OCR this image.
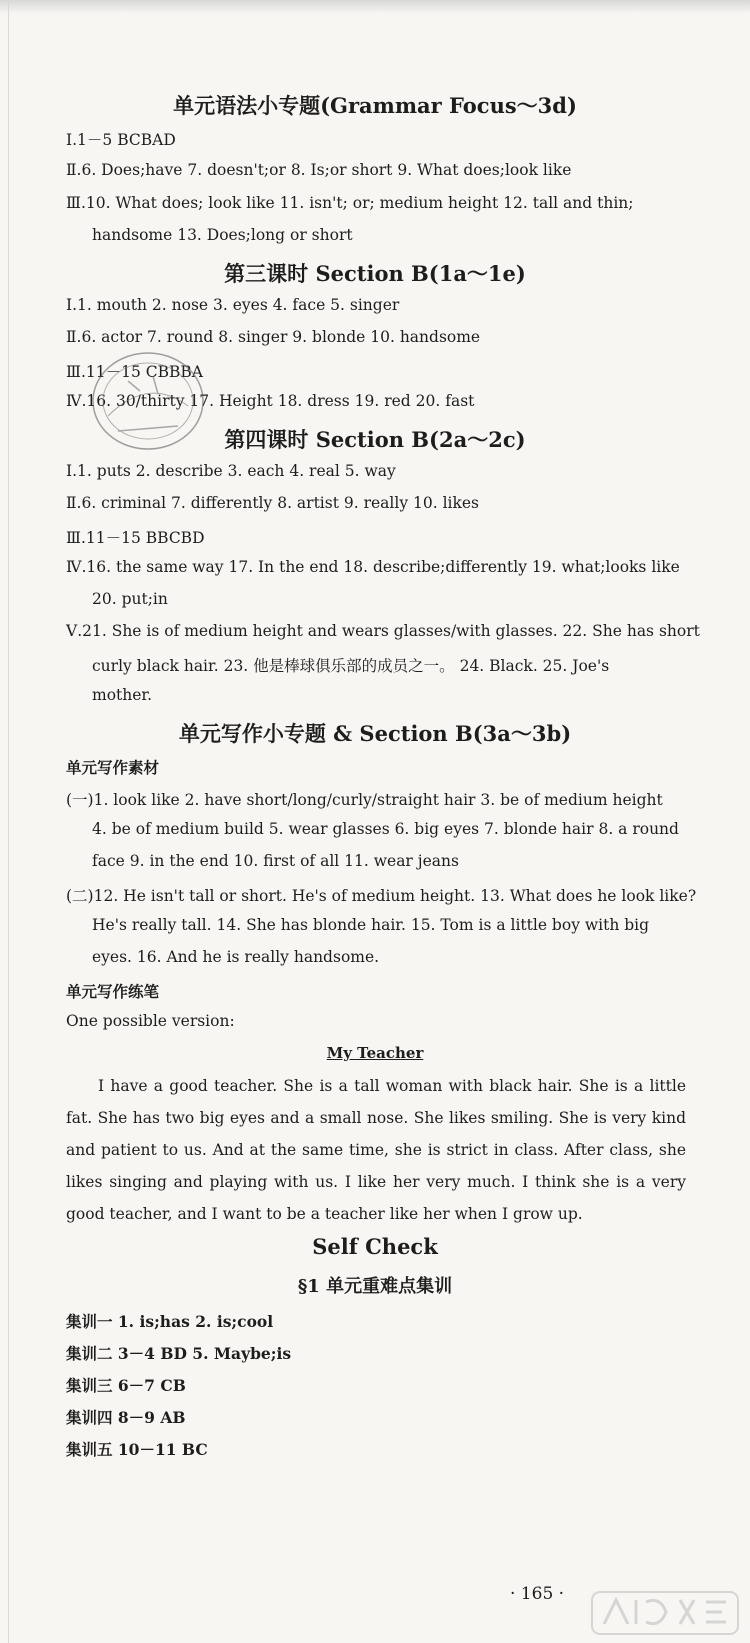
单元语法小专题(Grammar Focus～3d)
Ⅰ.1－5 BCBAD
Ⅱ.6. Does;have 7. doesn't;or 8. Is;or short 9. What does;look like
Ⅲ.10. What does; look like 11. isn't; or; medium height 12. tall and thin;
handsome 13. Does;long or short
第三课时 Section B(1a～1e)
Ⅰ.1. mouth 2. nose 3. eyes 4. face 5. singer
Ⅱ.6. actor 7. round 8. singer 9. blonde 10. handsome
Ⅲ.11－15 CBBBA
Ⅳ.16. 30/thirty 17. Height 18. dress 19. red 20. fast
第四课时 Section B(2a～2c)
Ⅰ.1. puts 2. describe 3. each 4. real 5. way
Ⅱ.6. criminal 7. differently 8. artist 9. really 10. likes
Ⅲ.11－15 BBCBD
Ⅳ.16. the same way 17. In the end 18. describe;differently 19. what;looks like
20. put;in
Ⅴ.21. She is of medium height and wears glasses/with glasses. 22. She has short
curly black hair. 23. 他是棒球俱乐部的成员之一。 24. Black. 25. Joe's
mother.
单元写作小专题 & Section B(3a～3b)
单元写作素材
(一)1. look like 2. have short/long/curly/straight hair 3. be of medium height
4. be of medium build 5. wear glasses 6. big eyes 7. blonde hair 8. a round
face 9. in the end 10. first of all 11. wear jeans
(二)12. He isn't tall or short. He's of medium height. 13. What does he look like?
He's really tall. 14. She has blonde hair. 15. Tom is a little boy with big
eyes. 16. And he is really handsome.
单元写作练笔
One possible version:
My Teacher
I have a good teacher. She is a tall woman with black hair. She is a little fat. She has two big eyes and a small nose. She likes smiling. She is very kind and patient to us. And at the same time, she is strict in class. After class, she likes singing and playing with us. I like her very much. I think she is a very good teacher, and I want to be a teacher like her when I grow up.
Self Check
§1 单元重难点集训
集训一 1. is;has 2. is;cool
集训二 3－4 BD 5. Maybe;is
集训三 6－7 CB
集训四 8－9 AB
集训五 10－11 BC
· 165 ·
